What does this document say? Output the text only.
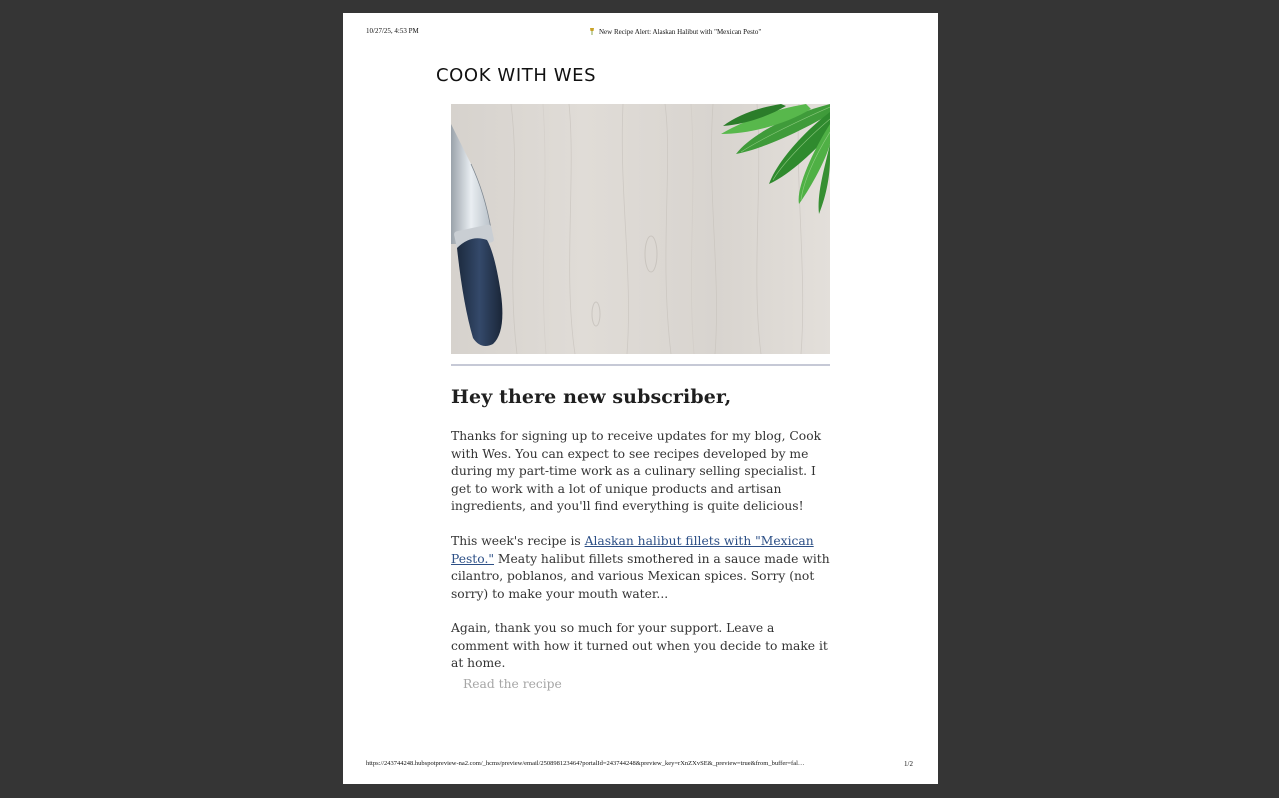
10/27/25, 4:53 PM	New Recipe Alert: Alaskan Halibut with "Mexican Pesto"
COOK WITH WES
Hey there new subscriber,

Thanks for signing up to receive updates for my blog, Cook with Wes. You can expect to see recipes developed by me during my part-time work as a culinary selling specialist. I get to work with a lot of unique products and artisan ingredients, and you'll find everything is quite delicious!

This week's recipe is Alaskan halibut fillets with "Mexican Pesto." Meaty halibut fillets smothered in a sauce made with cilantro, poblanos, and various Mexican spices. Sorry (not sorry) to make your mouth water...

Again, thank you so much for your support. Leave a comment with how it turned out when you decide to make it at home.

Read the recipe
https://243744248.hubspotpreview-na2.com/_hcms/preview/email/250898123464?portalId=243744248&preview_key=rXnZXvSE&_preview=true&from_buffer=fal…	1/2
